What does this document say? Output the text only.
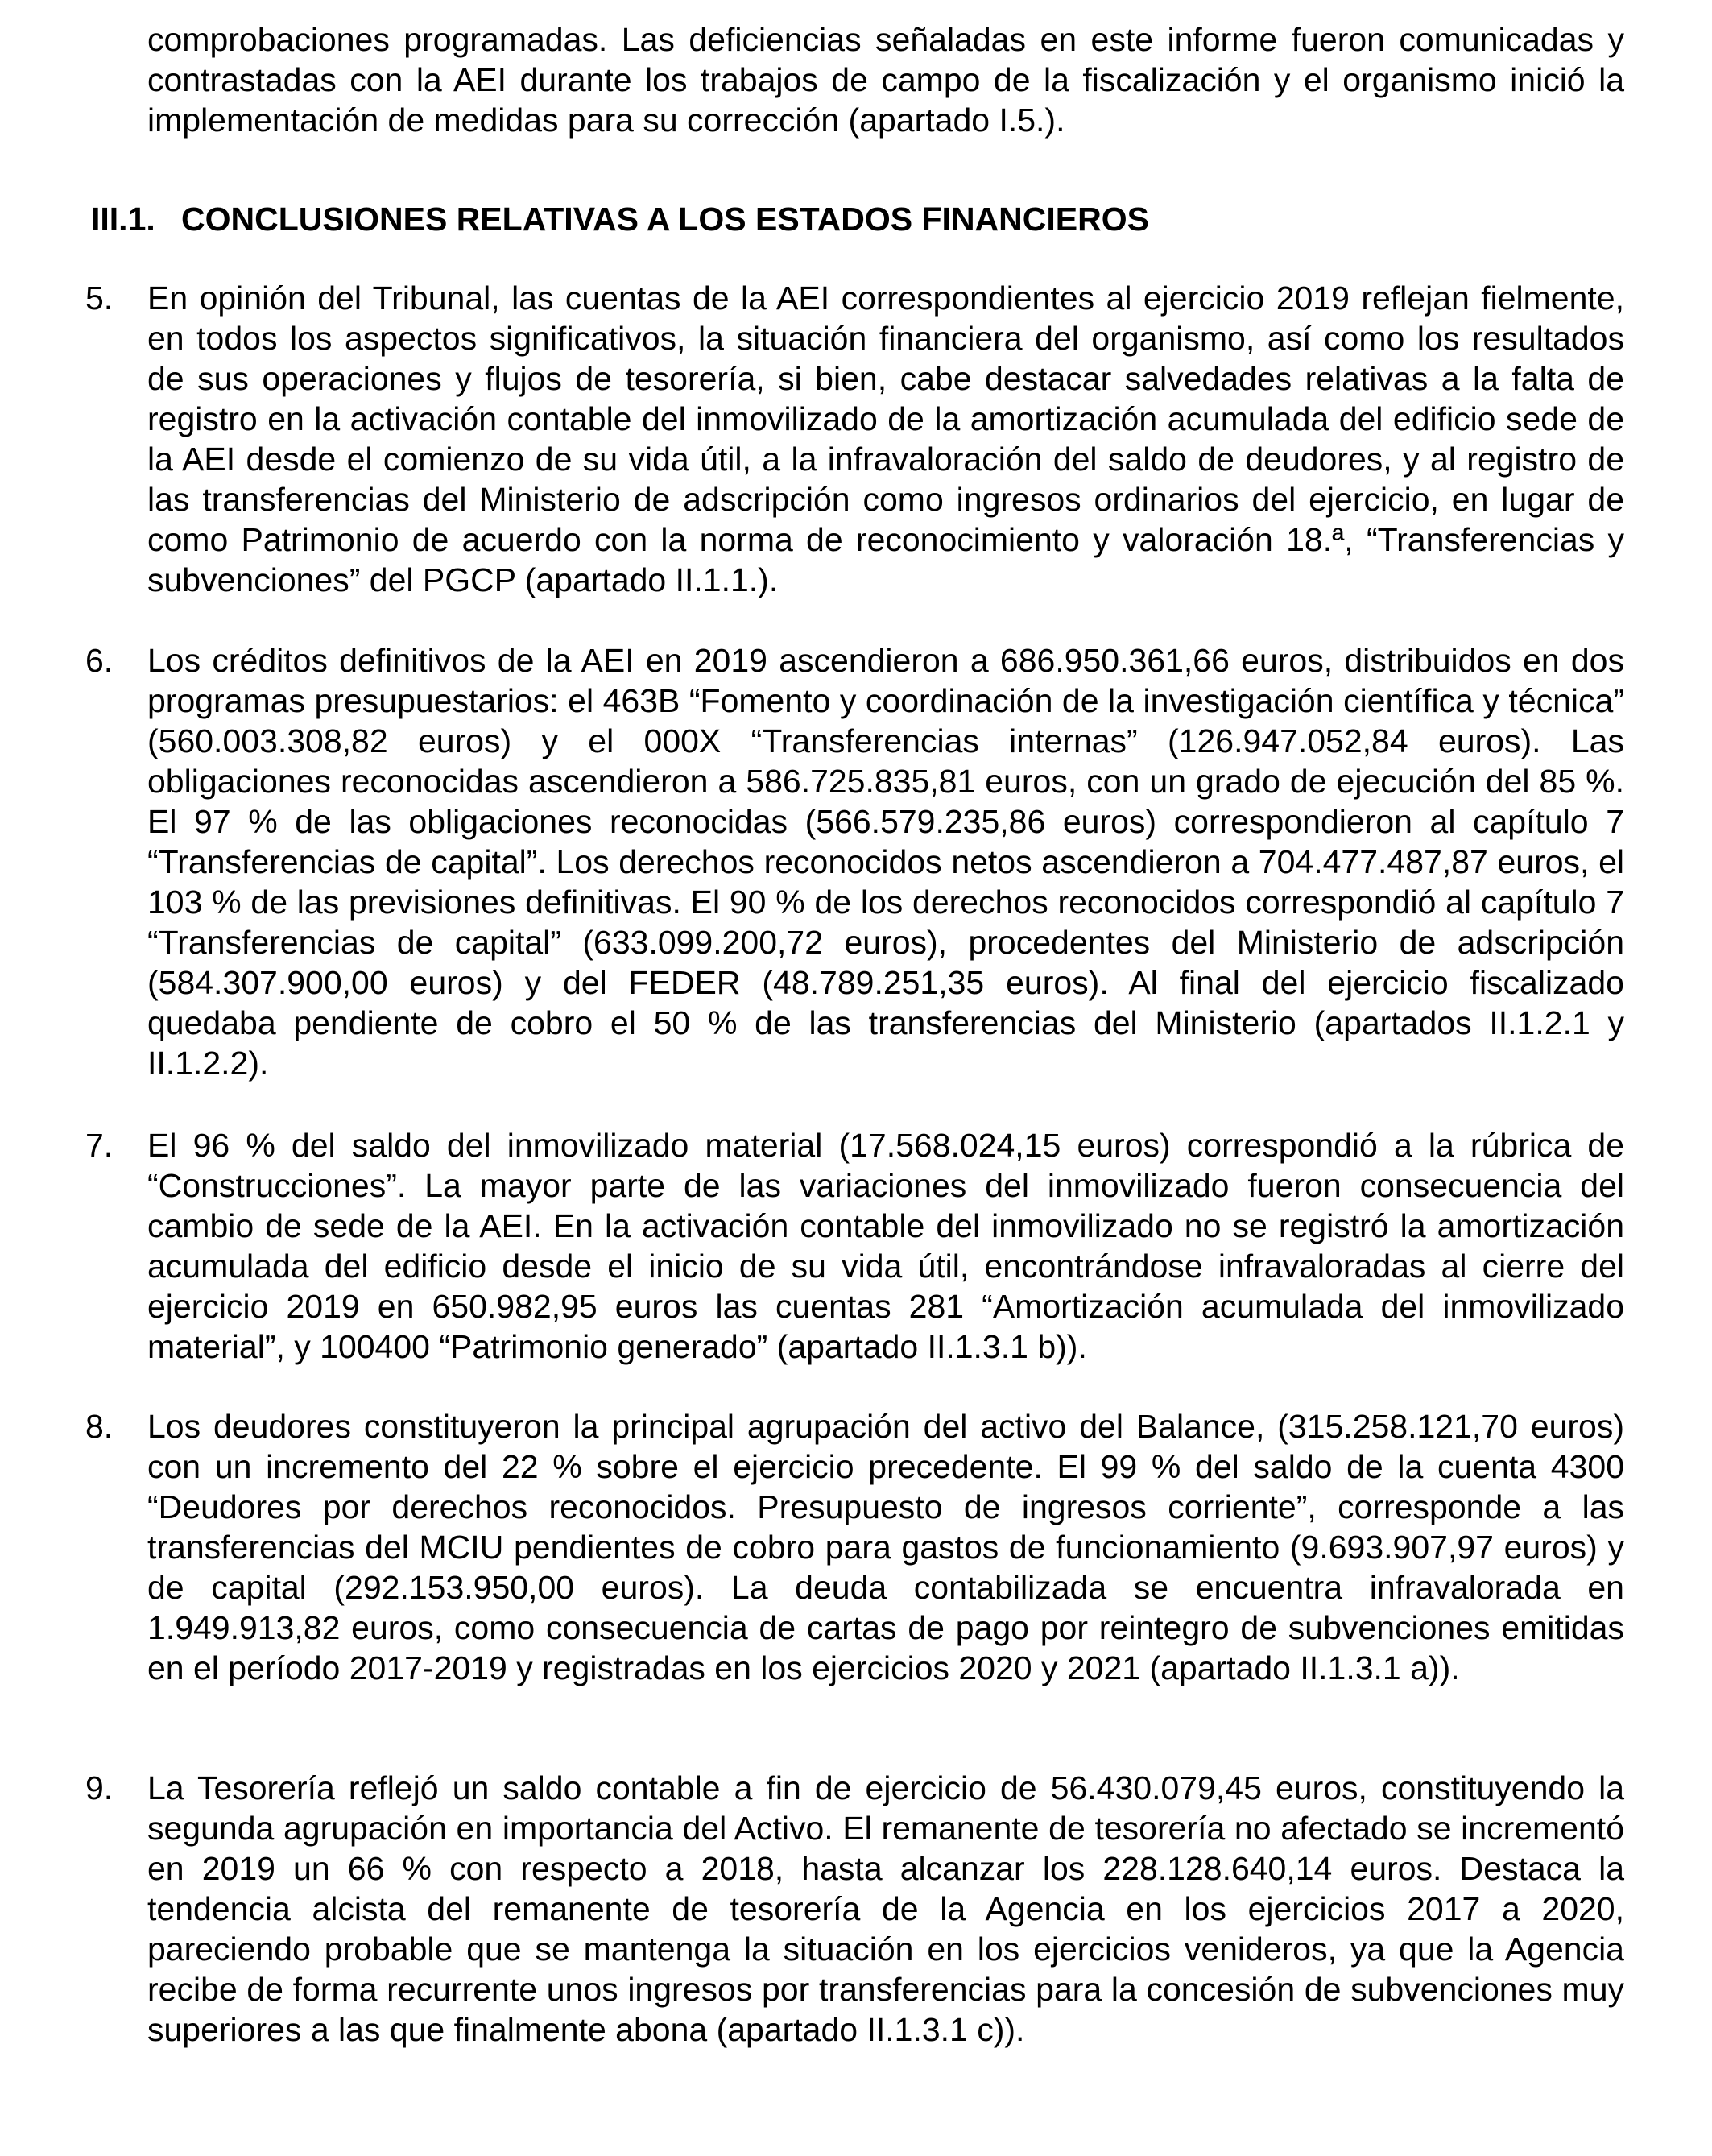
comprobaciones programadas. Las deficiencias señaladas en este informe fueron comunicadas y contrastadas con la AEI durante los trabajos de campo de la fiscalización y el organismo inició la implementación de medidas para su corrección (apartado I.5.).

III.1. CONCLUSIONES RELATIVAS A LOS ESTADOS FINANCIEROS

5.	En opinión del Tribunal, las cuentas de la AEI correspondientes al ejercicio 2019 reflejan fielmente, en todos los aspectos significativos, la situación financiera del organismo, así como los resultados de sus operaciones y flujos de tesorería, si bien, cabe destacar salvedades relativas a la falta de registro en la activación contable del inmovilizado de la amortización acumulada del edificio sede de la AEI desde el comienzo de su vida útil, a la infravaloración del saldo de deudores, y al registro de las transferencias del Ministerio de adscripción como ingresos ordinarios del ejercicio, en lugar de como Patrimonio de acuerdo con la norma de reconocimiento y valoración 18.ª, “Transferencias y subvenciones” del PGCP (apartado II.1.1.).

6.	Los créditos definitivos de la AEI en 2019 ascendieron a 686.950.361,66 euros, distribuidos en dos programas presupuestarios: el 463B “Fomento y coordinación de la investigación científica y técnica” (560.003.308,82 euros) y el 000X “Transferencias internas” (126.947.052,84 euros). Las obligaciones reconocidas ascendieron a 586.725.835,81 euros, con un grado de ejecución del 85 %. El 97 % de las obligaciones reconocidas (566.579.235,86 euros) correspondieron al capítulo 7 “Transferencias de capital”. Los derechos reconocidos netos ascendieron a 704.477.487,87 euros, el 103 % de las previsiones definitivas. El 90 % de los derechos reconocidos correspondió al capítulo 7 “Transferencias de capital” (633.099.200,72 euros), procedentes del Ministerio de adscripción (584.307.900,00 euros) y del FEDER (48.789.251,35 euros). Al final del ejercicio fiscalizado quedaba pendiente de cobro el 50 % de las transferencias del Ministerio (apartados II.1.2.1 y II.1.2.2).

7.	El 96 % del saldo del inmovilizado material (17.568.024,15 euros) correspondió a la rúbrica de “Construcciones”. La mayor parte de las variaciones del inmovilizado fueron consecuencia del cambio de sede de la AEI. En la activación contable del inmovilizado no se registró la amortización acumulada del edificio desde el inicio de su vida útil, encontrándose infravaloradas al cierre del ejercicio 2019 en 650.982,95 euros las cuentas 281 “Amortización acumulada del inmovilizado material”, y 100400 “Patrimonio generado” (apartado II.1.3.1 b)).

8.	Los deudores constituyeron la principal agrupación del activo del Balance, (315.258.121,70 euros) con un incremento del 22 % sobre el ejercicio precedente. El 99 % del saldo de la cuenta 4300 “Deudores por derechos reconocidos. Presupuesto de ingresos corriente”, corresponde a las transferencias del MCIU pendientes de cobro para gastos de funcionamiento (9.693.907,97 euros) y de capital (292.153.950,00 euros). La deuda contabilizada se encuentra infravalorada en 1.949.913,82 euros, como consecuencia de cartas de pago por reintegro de subvenciones emitidas en el período 2017-2019 y registradas en los ejercicios 2020 y 2021 (apartado II.1.3.1 a)).

9.	La Tesorería reflejó un saldo contable a fin de ejercicio de 56.430.079,45 euros, constituyendo la segunda agrupación en importancia del Activo. El remanente de tesorería no afectado se incrementó en 2019 un 66 % con respecto a 2018, hasta alcanzar los 228.128.640,14 euros. Destaca la tendencia alcista del remanente de tesorería de la Agencia en los ejercicios 2017 a 2020, pareciendo probable que se mantenga la situación en los ejercicios venideros, ya que la Agencia recibe de forma recurrente unos ingresos por transferencias para la concesión de subvenciones muy superiores a las que finalmente abona (apartado II.1.3.1 c)).
